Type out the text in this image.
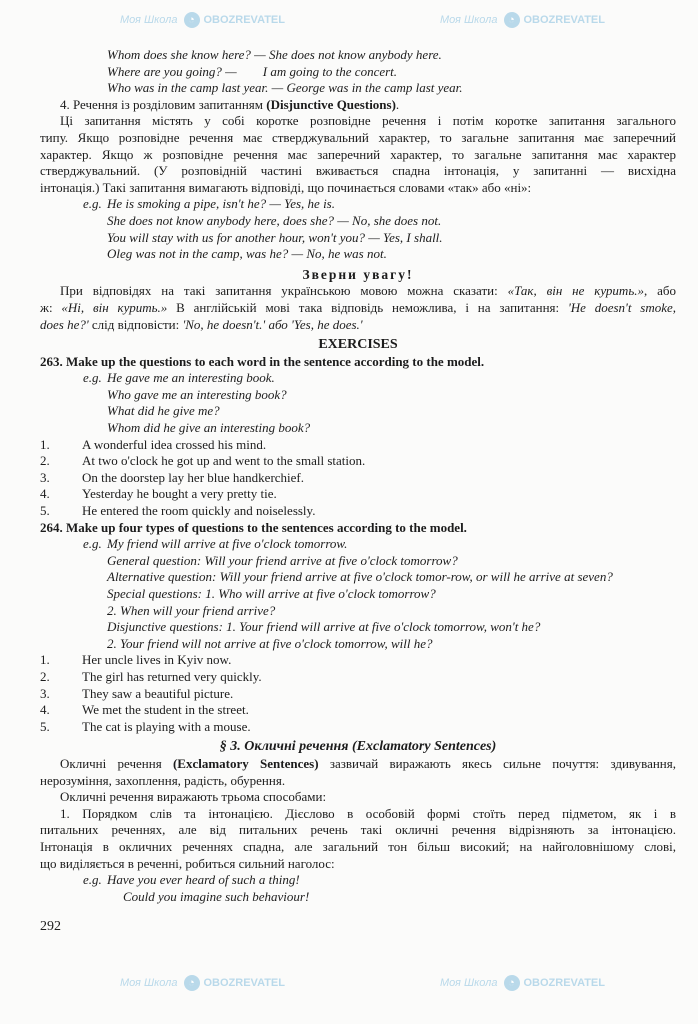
Моя Школа ◔ OBOZREVATEL	Моя Школа ◔ OBOZREVATEL
Моя Школа ◔ OBOZREVATEL	Моя Школа ◔ OBOZREVATEL
Whom does she know here? — She does not know anybody here.
Where are you going? —        I am going to the concert.
Who was in the camp last year. — George was in the camp last year.
4. Речення із розділовим запитанням (Disjunctive Questions).
Ці запитання містять у собі коротке розповідне речення і потім коротке запитання загального
типу. Якщо розповідне речення має стверджувальний характер, то загальне запитання має заперечний
характер. Якщо ж розповідне речення має заперечний характер, то загальне запитання має характер
стверджувальний. (У розповідній частині вживається спадна інтонація, у запитанні — висхідна
інтонація.) Такі запитання вимагають відповіді, що починається словами «так» або «ні»:
e.g. He is smoking a pipe, isn't he? — Yes, he is.
She does not know anybody here, does she? — No, she does not.
You will stay with us for another hour, won't you? — Yes, I shall.
Oleg was not in the camp, was he? — No, he was not.
Зверни увагу!
При відповідях на такі запитання українською мовою можна сказати: «Так, він не курить.», або
ж: «Ні, він курить.» В англійській мові така відповідь неможлива, і на запитання: 'He doesn't smoke,
does he?' слід відповісти: 'No, he doesn't.' або 'Yes, he does.'
EXERCISES
263. Make up the questions to each word in the sentence according to the model.
e.g. He gave me an interesting book.
Who gave me an interesting book?
What did he give me?
Whom did he give an interesting book?
1. A wonderful idea crossed his mind.
2. At two o'clock he got up and went to the small station.
3. On the doorstep lay her blue handkerchief.
4. Yesterday he bought a very pretty tie.
5. He entered the room quickly and noiselessly.
264. Make up four types of questions to the sentences according to the model.
e.g. My friend will arrive at five o'clock tomorrow.
General question: Will your friend arrive at five o'clock tomorrow?
Alternative question: Will your friend arrive at five o'clock tomor-row, or will he arrive at seven?
Special questions: 1. Who will arrive at five o'clock tomorrow?
2. When will your friend arrive?
Disjunctive questions: 1. Your friend will arrive at five o'clock tomorrow, won't he?
2. Your friend will not arrive at five o'clock tomorrow, will he?
1. Her uncle lives in Kyiv now.
2. The girl has returned very quickly.
3. They saw a beautiful picture.
4. We met the student in the street.
5. The cat is playing with a mouse.
§ 3. Окличні речення (Exclamatory Sentences)
Окличні речення (Exclamatory Sentences) зазвичай виражають якесь сильне почуття: здивування,
нерозуміння, захоплення, радість, обурення.
Окличні речення виражають трьома способами:
1. Порядком слів та інтонацією. Дієслово в особовій формі стоїть перед підметом, як і в
питальних реченнях, але від питальних речень такі окличні речення відрізняють за інтонацією.
Інтонація в окличних реченнях спадна, але загальний тон більш високий; на найголовнішому слові,
що виділяється в реченні, робиться сильний наголос:
e.g. Have you ever heard of such a thing!
Could you imagine such behaviour!
292
